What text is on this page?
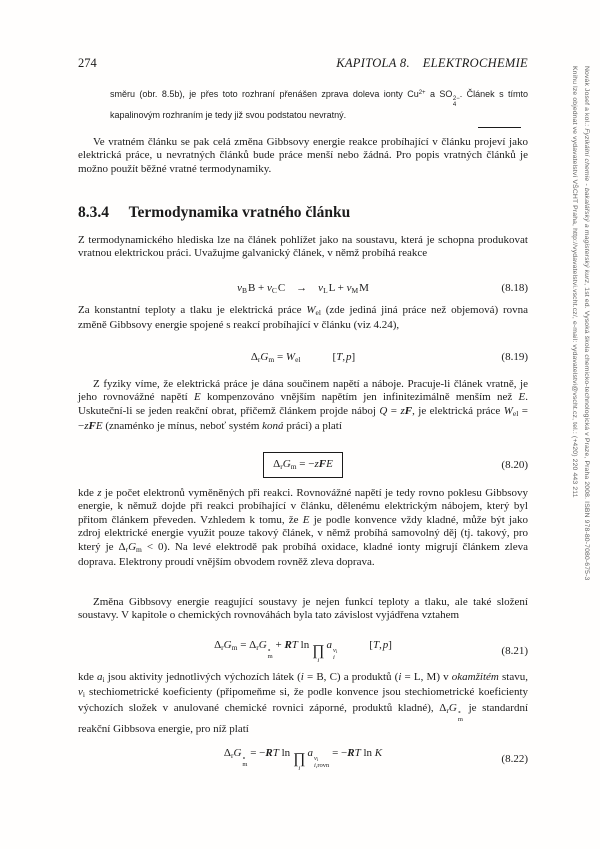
274	KAPITOLA 8. ELEKTROCHEMIE
směru (obr. 8.5b), je přes toto rozhraní přenášen zprava doleva ionty $Cu^{2+}$ a SO 2−
4
. Článek s tímto kapalinovým rozhraním je tedy již svou podstatou nevratný.

Ve vratném článku se pak celá změna Gibbsovy energie reakce probíhající v článku projeví jako elektrická práce, u nevratných článků bude práce menší nebo žádná. Pro popis vratných článků je možno použít běžné vratné termodynamiky.

8.3.4 Termodynamika vratného článku

Z termodynamického hlediska lze na článek pohlížet jako na soustavu, která je schopna produkovat vratnou elektrickou práci. Uvažujme galvanický článek, v němž probíhá reakce

$\nu_B$ $B + \nu_C$ C → $\nu_L$ $L + \nu_M$ M	(8.18)

Za konstantní teploty a tlaku je elektrická práce $W_{el}$ (zde jediná jiná práce než objemová) rovna změně Gibbsovy energie spojené s reakcí probíhající v článku (viz 4.24),

$\Delta_rG_m = W_{el}$	[T, p]	(8.19)

Z fyziky víme, že elektrická práce je dána součinem napětí a náboje. Pracuje-li článek vratně, je jeho rovnovážné napětí E kompenzováno vnějším napětím jen infinitezimálně menším než E. Uskuteční-li se jeden reakční obrat, přičemž článkem projde náboj Q = zF, je elektrická práce $W_{el} = -zFE$ (znaménko je mínus, neboť systém koná práci) a platí

$\Delta_rG_m = -zFE$	(8.20)

kde z je počet elektronů vyměněných při reakci. Rovnovážné napětí je tedy rovno poklesu Gibbsovy energie, k němuž dojde při reakci probíhající v článku, dělenému elektrickým nábojem, který byl přitom článkem převeden. Vzhledem k tomu, že E je podle konvence vždy kladné, může být jako zdroj elektrické energie využit pouze takový článek, v němž probíhá samovolný děj (tj. takový, pro který je $\Delta_rG_m < 0$). Na levé elektrodě pak probíhá oxidace, kladné ionty migrují článkem zleva doprava. Elektrony proudí vnějším obvodem rovněž zleva doprava.

Změna Gibbsovy energie reagující soustavy je nejen funkcí teploty a tlaku, ale také složení soustavy. V kapitole o chemických rovnováhách byla tato závislost vyjádřena vztahem

$\Delta_rG_m = \Delta_rG$ ∘
m
+ RT ln  ∏
i
a $\nu_i$
i
[T, p]
(8.21)

kde $a_i$ jsou aktivity jednotlivých výchozích látek (i = B, C) a produktů (i = L, M) v okamžitém stavu, $\nu_i$ stechiometrické koeficienty (připomeňme si, že podle konvence jsou stechiometrické koeficienty výchozích složek v anulované chemické rovnici záporné, produktů kladné), $\Delta_rG$ ∘
m
je standardní reakční Gibbsova energie, pro níž platí

$\Delta_rG$ ∘
m
= −RT ln  ∏
i
a $\nu_i$
i,rovn
= −RT ln K
(8.22)
Novák Josef a kol.: Fyzikální chemie - bakalářský a magisterský kurz, 1st ed. Vysoká škola chemicko-technologická v Praze, Praha 2008. ISBN 978-80-7080-675-3
Knihu lze objednat ve vydavatelství VŠCHT Praha, http://vydavatelstvi.vscht.cz/, e-mail: vydavatelstvi@vscht.cz, tel.: (+420) 220 443 211
